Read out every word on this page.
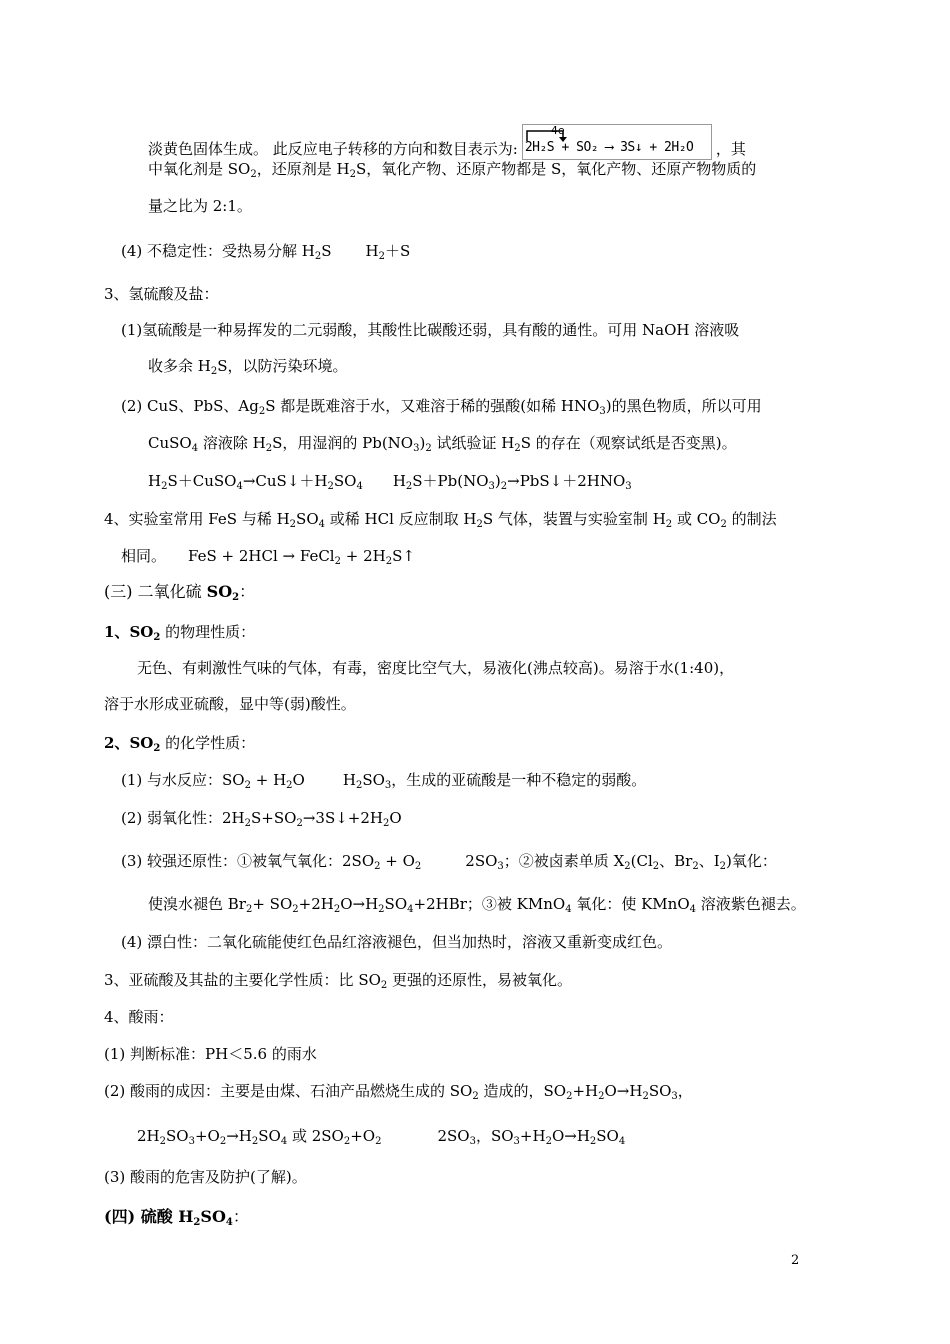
淡黄色固体生成。 此反应电子转移的方向和数目表示为:
4e
2H₂S + SO₂ ⟶ 3S↓ + 2H₂O ，其
中氧化剂是 $SO_2$，还原剂是 $H_2S$，氧化产物、还原产物都是 S，氧化产物、还原产物物质的
量之比为 2:1。
(4) 不稳定性：受热易分解 $H_2S$ $H_2+S$
3、氢硫酸及盐：
(1)氢硫酸是一种易挥发的二元弱酸，其酸性比碳酸还弱，具有酸的通性。可用 NaOH 溶液吸
收多余 $H_2S$，以防污染环境。
(2) CuS、PbS、$Ag_2S$ 都是既难溶于水，又难溶于稀的强酸(如稀 $HNO_3$)的黑色物质，所以可用
CuSO$_4$ 溶液除 $H_2S$，用湿润的 $Pb(NO_3)_2$ 试纸验证 $H_2S$ 的存在（观察试纸是否变黑)。
$H_2S+CuSO_4\to CuS↓+H_2SO_4$ $H_2S+Pb(NO_3)_2\to PbS↓+2HNO_3$
4、实验室常用 FeS 与稀 $H_2SO_4$ 或稀 HCl 反应制取 $H_2S$ 气体，装置与实验室制 $H_2$ 或 $CO_2$ 的制法
相同。 FeS + 2HCl → FeCl$_2$ + $2H_2S↑$
(三) 二氧化硫 $SO_2$：
1、$SO_2$ 的物理性质：
无色、有刺激性气味的气体，有毒，密度比空气大，易液化(沸点较高)。易溶于水(1:40)，
溶于水形成亚硫酸，显中等(弱)酸性。
2、$SO_2$ 的化学性质：
(1) 与水反应：$SO_2 + H_2O$	$H_2SO_3$，生成的亚硫酸是一种不稳定的弱酸。
(2) 弱氧化性：$2H_2S+SO_2\to 3S↓+2H_2O$
(3) 较强还原性：①被氧气氧化：$2SO_2 + O_2$	$2SO_3$；②被卤素单质 $X_2(Cl_2$、$Br_2$、$I_2$)氧化：
使溴水褪色 $Br_2+ SO_2+2H_2O\to H_2SO_4+2HBr$；③被 KMnO$_4$ 氧化：使 KMnO$_4$ 溶液紫色褪去。
(4) 漂白性：二氧化硫能使红色品红溶液褪色，但当加热时，溶液又重新变成红色。
3、亚硫酸及其盐的主要化学性质：比 $SO_2$ 更强的还原性，易被氧化。
4、酸雨：
(1) 判断标准：PH＜5.6 的雨水
(2) 酸雨的成因：主要是由煤、石油产品燃烧生成的 $SO_2$ 造成的，$SO_2+H_2O\to H_2SO_3$，
$2H_2SO_3+O_2\to H_2SO_4$ 或 $2SO_2+O_2$	$2SO_3$，$SO_3+H_2O\to H_2SO_4$
(3) 酸雨的危害及防护(了解)。
(四) 硫酸 $H_2SO_4$：
2
